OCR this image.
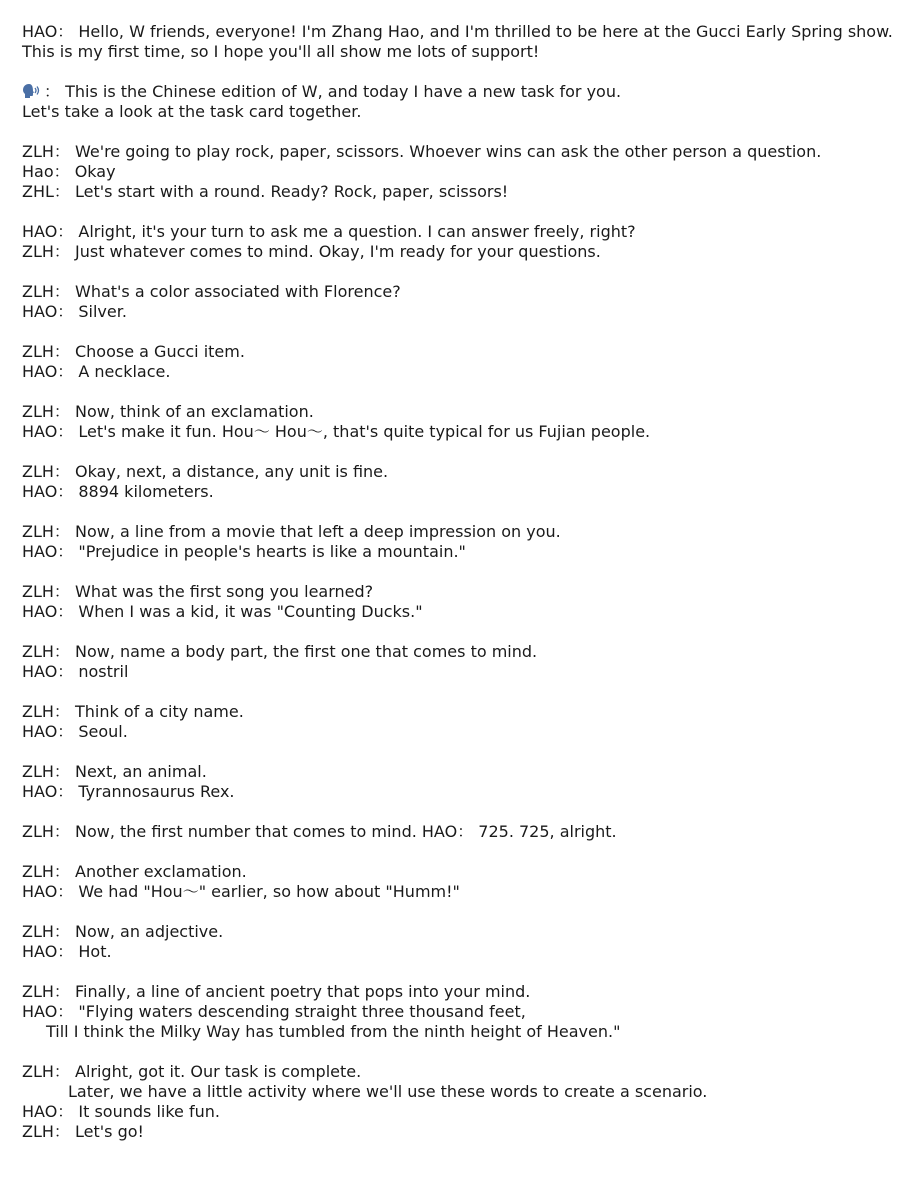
HAO： Hello, W friends, everyone! I'm Zhang Hao, and I'm thrilled to be here at the Gucci Early Spring show.
This is my first time, so I hope you'll all show me lots of support!
： This is the Chinese edition of W, and today I have a new task for you.
Let's take a look at the task card together.
ZLH： We're going to play rock, paper, scissors. Whoever wins can ask the other person a question.
Hao： Okay
ZHL： Let's start with a round. Ready? Rock, paper, scissors!
HAO： Alright, it's your turn to ask me a question. I can answer freely, right?
ZLH： Just whatever comes to mind. Okay, I'm ready for your questions.
ZLH： What's a color associated with Florence?
HAO： Silver.
ZLH： Choose a Gucci item.
HAO： A necklace.
ZLH： Now, think of an exclamation.
HAO： Let's make it fun. Hou〜 Hou〜, that's quite typical for us Fujian people.
ZLH： Okay, next, a distance, any unit is fine.
HAO： 8894 kilometers.
ZLH： Now, a line from a movie that left a deep impression on you.
HAO： "Prejudice in people's hearts is like a mountain."
ZLH： What was the first song you learned?
HAO： When I was a kid, it was "Counting Ducks."
ZLH： Now, name a body part, the first one that comes to mind.
HAO： nostril
ZLH： Think of a city name.
HAO： Seoul.
ZLH： Next, an animal.
HAO： Tyrannosaurus Rex.
ZLH： Now, the first number that comes to mind. HAO： 725. 725, alright.
ZLH： Another exclamation.
HAO： We had "Hou〜" earlier, so how about "Humm!"
ZLH： Now, an adjective.
HAO： Hot.
ZLH： Finally, a line of ancient poetry that pops into your mind.
HAO： "Flying waters descending straight three thousand feet,
Till I think the Milky Way has tumbled from the ninth height of Heaven."
ZLH： Alright, got it. Our task is complete.
Later, we have a little activity where we'll use these words to create a scenario.
HAO： It sounds like fun.
ZLH： Let's go!
